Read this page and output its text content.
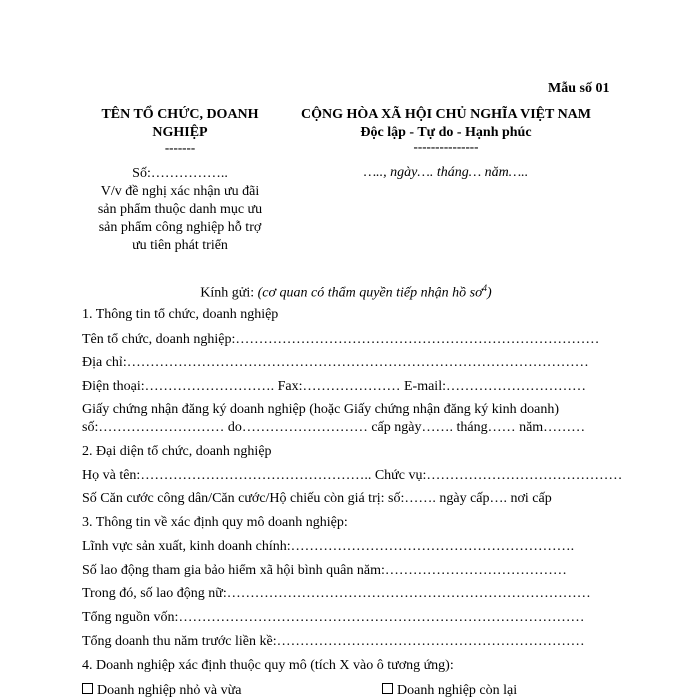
Mẫu số 01
TÊN TỔ CHỨC, DOANH
NGHIỆP
-------
Số:……………..
V/v đề nghị xác nhận ưu đãi
sản phẩm thuộc danh mục ưu
sản phẩm công nghiệp hỗ trợ
ưu tiên phát triển
CỘNG HÒA XÃ HỘI CHỦ NGHĨA VIỆT NAM
Độc lập - Tự do - Hạnh phúc
---------------
….., ngày…. tháng… năm…..
Kính gửi: (cơ quan có thẩm quyền tiếp nhận hồ $sơ^4$)
1. Thông tin tổ chức, doanh nghiệp
Tên tổ chức, doanh nghiệp:……………………………………………………………………
Địa chỉ:………………………………………………………………………………………
Điện thoại:………………………. Fax:………………… E-mail:…………………………
Giấy chứng nhận đăng ký doanh nghiệp (hoặc Giấy chứng nhận đăng ký kinh doanh)
số:……………………… do……………………… cấp ngày……. tháng…… năm………
2. Đại diện tổ chức, doanh nghiệp
Họ và tên:………………………………………….. Chức vụ:……………………………………
Số Căn cước công dân/Căn cước/Hộ chiếu còn giá trị: số:……. ngày cấp…. nơi cấp
3. Thông tin về xác định quy mô doanh nghiệp:
Lĩnh vực sản xuất, kinh doanh chính:…………………………………………………….
Số lao động tham gia bảo hiểm xã hội bình quân năm:…………………………………
Trong đó, số lao động nữ:……………………………………………………………………
Tổng nguồn vốn:……………………………………………………………………………
Tổng doanh thu năm trước liền kề:…………………………………………………………
4. Doanh nghiệp xác định thuộc quy mô (tích X vào ô tương ứng):
Doanh nghiệp nhỏ và vừa	Doanh nghiệp còn lại
